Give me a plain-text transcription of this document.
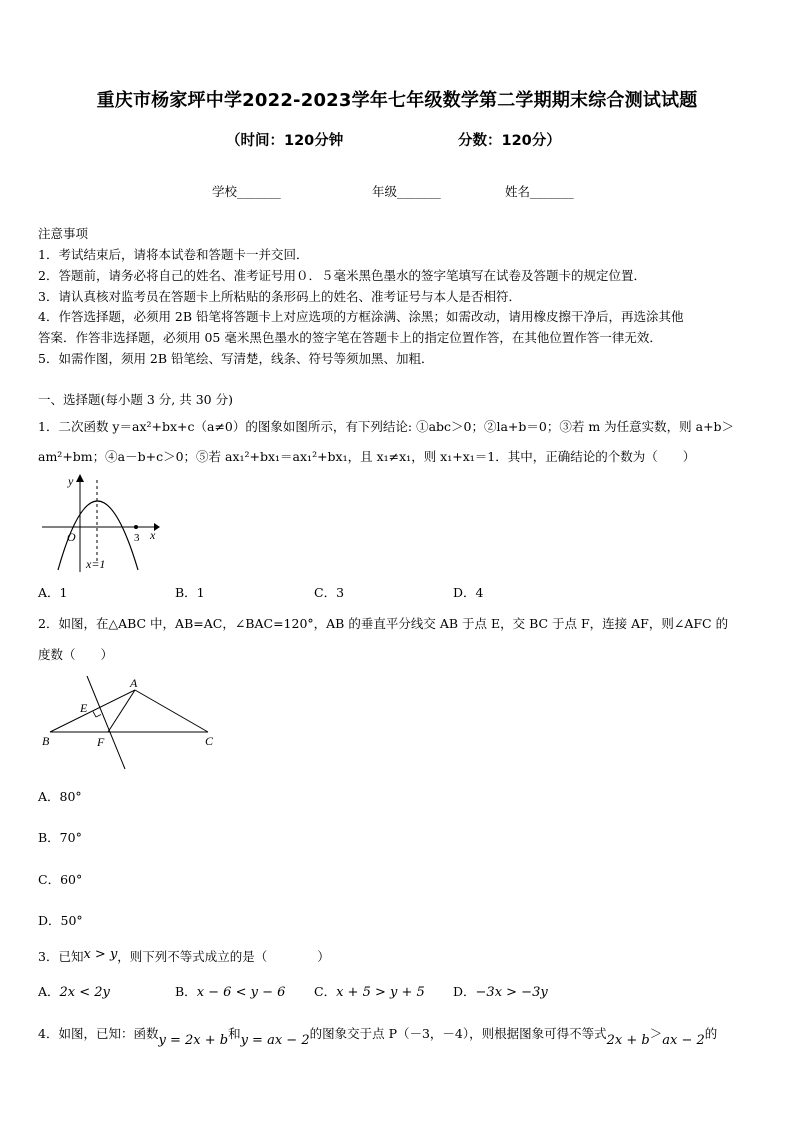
重庆市杨家坪中学2022-2023学年七年级数学第二学期期末综合测试试题
（时间：120分钟	分数：120分）
学校_______	年级_______	姓名_______
注意事项
1．考试结束后，请将本试卷和答题卡一并交回．
2．答题前，请务必将自己的姓名、准考证号用０．５毫米黑色墨水的签字笔填写在试卷及答题卡的规定位置．
3．请认真核对监考员在答题卡上所粘贴的条形码上的姓名、准考证号与本人是否相符．
4．作答选择题，必须用 2B 铅笔将答题卡上对应选项的方框涂满、涂黑；如需改动，请用橡皮擦干净后，再选涂其他
答案．作答非选择题，必须用 05 毫米黑色墨水的签字笔在答题卡上的指定位置作答，在其他位置作答一律无效．
5．如需作图，须用 2B 铅笔绘、写清楚，线条、符号等须加黑、加粗．
一、选择题(每小题 3 分, 共 30 分)
1．二次函数 y＝ax²+bx+c（a≠0）的图象如图所示，有下列结论: ①abc＞0；②la+b＝0；③若 m 为任意实数，则 a+b＞
am²+bm；④a－b+c＞0；⑤若 ax₁²+bx₁＝ax₁²+bx₁，且 x₁≠x₁，则 x₁+x₁＝1．其中，正确结论的个数为（　　）
y
x
O	3
x=1
A．1	B．1	C．3	D．4
2．如图，在△ABC 中，AB=AC，∠BAC=120°，AB 的垂直平分线交 AB 于点 E，交 BC 于点 F，连接 AF，则∠AFC 的
度数（　　）
A
B	C
E
F
A．80°
B．70°
C．60°
D．50°
3．已知x > y，则下列不等式成立的是（　　　　）
A．2x < 2y	B．x − 6 < y − 6 C．x + 5 > y + 5 D．−3x > −3y
4．如图，已知：函数y = 2x + b和y = ax − 2的图象交于点 P（－3，－4），则根据图象可得不等式2x + b＞ax − 2的
